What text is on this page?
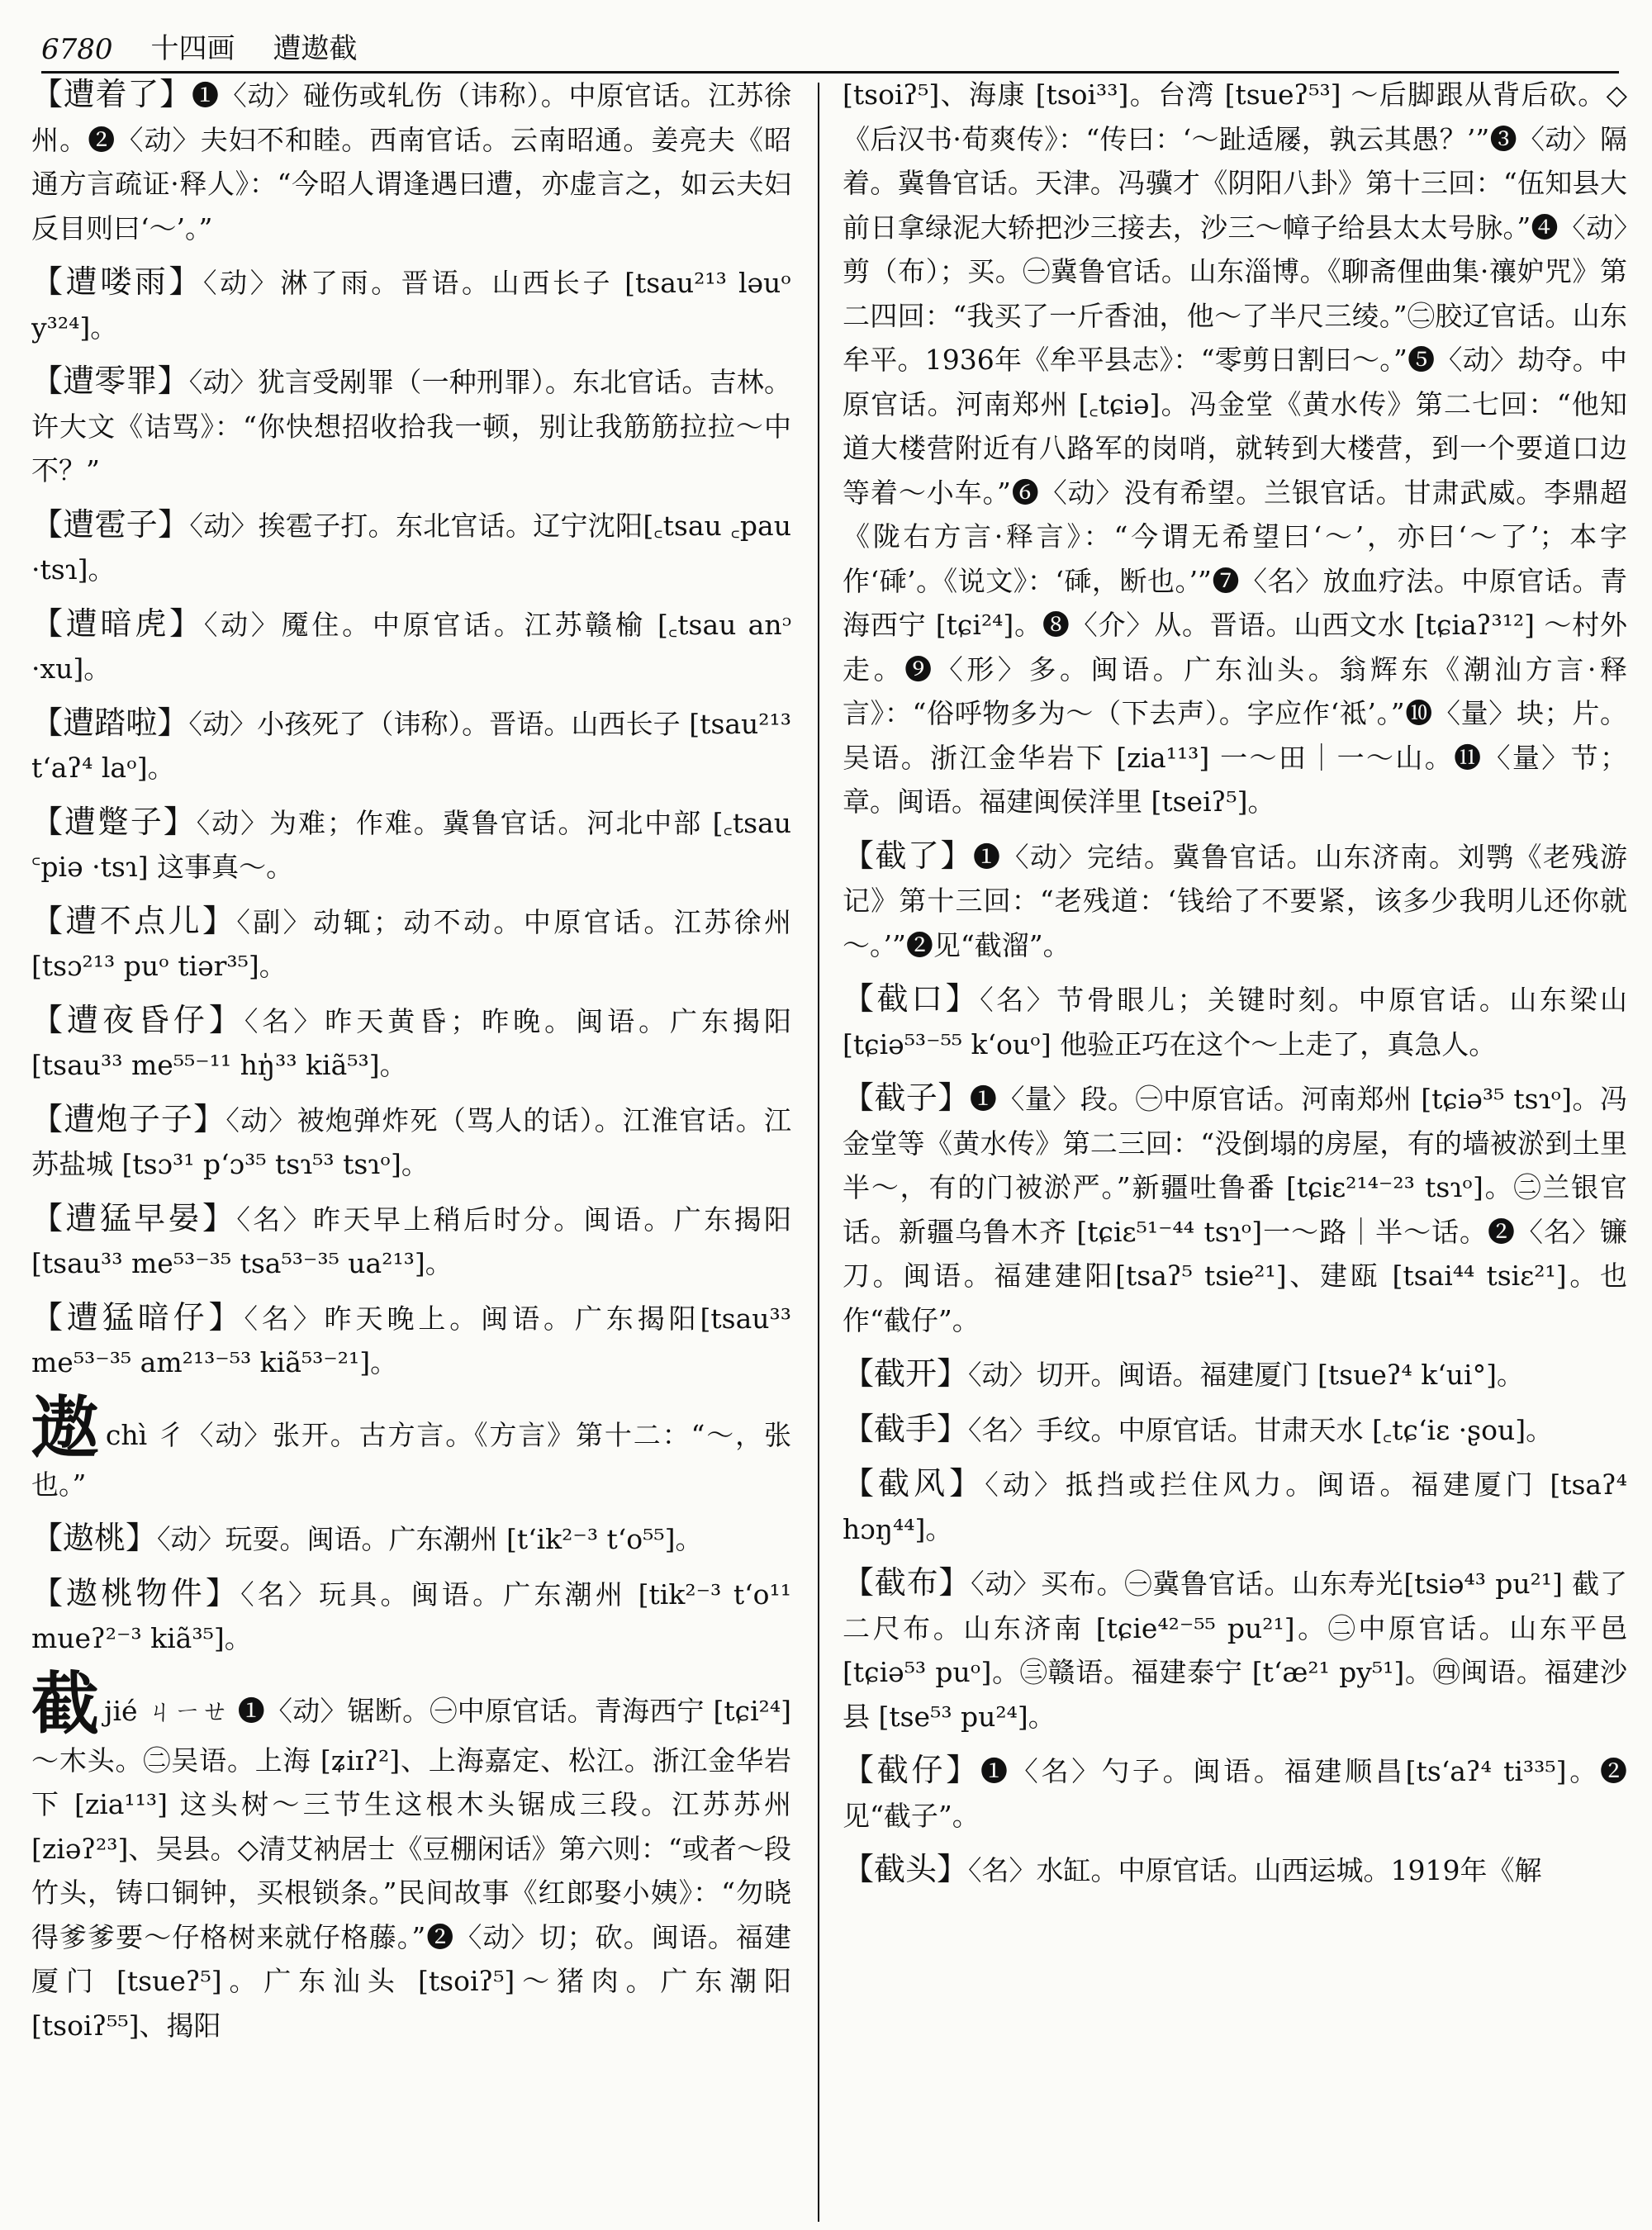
6780 十四画 遭遨截
【遭着了】❶〈动〉碰伤或轧伤（讳称）。中原官话。江苏徐州。❷〈动〉夫妇不和睦。西南官话。云南昭通。姜亮夫《昭通方言疏证·释人》：“今昭人谓逢遇曰遭，亦虚言之，如云夫妇反目则曰‘～’。”
【遭喽雨】〈动〉淋了雨。晋语。山西长子 [tsau²¹³ ləuᵒ y³²⁴]。
【遭零罪】〈动〉犹言受剐罪（一种刑罪）。东北官话。吉林。许大文《诘骂》：“你快想招收拾我一顿，别让我筋筋拉拉～中不？”
【遭雹子】〈动〉挨雹子打。东北官话。辽宁沈阳[꜀tsau ꜀pau ·tsɿ]。
【遭暗虎】〈动〉魇住。中原官话。江苏赣榆 [꜀tsau anᵓ ·xu]。
【遭踏啦】〈动〉小孩死了（讳称）。晋语。山西长子 [tsau²¹³ t‘aʔ⁴ laᵒ]。
【遭蹩子】〈动〉为难；作难。冀鲁官话。河北中部 [꜀tsau ꜂piə ·tsɿ] 这事真～。
【遭不点儿】〈副〉动辄；动不动。中原官话。江苏徐州 [tsɔ²¹³ puᵒ tiər³⁵]。
【遭夜昏仔】〈名〉昨天黄昏；昨晚。闽语。广东揭阳 [tsau³³ me⁵⁵⁻¹¹ hŋ̍³³ kiã⁵³]。
【遭炮子子】〈动〉被炮弹炸死（骂人的话）。江淮官话。江苏盐城 [tsɔ³¹ p‘ɔ³⁵ tsɿ⁵³ tsɿᵒ]。
【遭猛早晏】〈名〉昨天早上稍后时分。闽语。广东揭阳 [tsau³³ me⁵³⁻³⁵ tsa⁵³⁻³⁵ ua²¹³]。
【遭猛暗仔】〈名〉昨天晚上。闽语。广东揭阳[tsau³³ me⁵³⁻³⁵ am²¹³⁻⁵³ kiã⁵³⁻²¹]。
遨chì 彳〈动〉张开。古方言。《方言》第十二：“～，张也。”
【遨桃】〈动〉玩耍。闽语。广东潮州 [t‘ik²⁻³ t‘o⁵⁵]。
【遨桃物件】〈名〉玩具。闽语。广东潮州 [tik²⁻³ t‘o¹¹ mueʔ²⁻³ kiã³⁵]。
截jié ㄐㄧㄝ ❶〈动〉锯断。㊀中原官话。青海西宁 [tɕi²⁴] ～木头。㊁吴语。上海 [ʑiɪʔ²]、上海嘉定、松江。浙江金华岩下 [zia¹¹³] 这头树～三节生这根木头锯成三段。江苏苏州[ziəʔ²³]、吴县。◇清艾衲居士《豆棚闲话》第六则：“或者～段竹头，铸口铜钟，买根锁条。”民间故事《红郎娶小姨》：“勿晓得爹爹要～仔格树来就仔格藤。”❷〈动〉切；砍。闽语。福建厦门 [tsueʔ⁵]。广东汕头 [tsoiʔ⁵]～猪肉。广东潮阳[tsoiʔ⁵⁵]、揭阳
[tsoiʔ⁵]、海康 [tsoi³³]。台湾 [tsueʔ⁵³] ～后脚跟从背后砍。◇《后汉书·荀爽传》：“传曰：‘～趾适屦，孰云其愚？’”❸〈动〉隔着。冀鲁官话。天津。冯骥才《阴阳八卦》第十三回：“伍知县大前日拿绿泥大轿把沙三接去，沙三～幛子给县太太号脉。”❹〈动〉剪（布）；买。㊀冀鲁官话。山东淄博。《聊斋俚曲集·禳妒咒》第二四回：“我买了一斤香油，他～了半尺三绫。”㊁胶辽官话。山东牟平。1936年《牟平县志》：“零剪日割曰～。”❺〈动〉劫夺。中原官话。河南郑州 [꜀tɕiə]。冯金堂《黄水传》第二七回：“他知道大楼营附近有八路军的岗哨，就转到大楼营，到一个要道口边等着～小车。”❻〈动〉没有希望。兰银官话。甘肃武威。李鼎超《陇右方言·释言》：“今谓无希望曰‘～’，亦曰‘～了’；本字作‘䂷’。《说文》：‘䂷，断也。’”❼〈名〉放血疗法。中原官话。青海西宁 [tɕi²⁴]。❽〈介〉从。晋语。山西文水 [tɕiaʔ³¹²] ～村外走。❾〈形〉多。闽语。广东汕头。翁辉东《潮汕方言·释言》：“俗呼物多为～（下去声）。字应作‘祗’。”❿〈量〉块；片。吴语。浙江金华岩下 [zia¹¹³] 一～田｜一～山。⓫〈量〉节；章。闽语。福建闽侯洋里 [tseiʔ⁵]。
【截了】❶〈动〉完结。冀鲁官话。山东济南。刘鹗《老残游记》第十三回：“老残道：‘钱给了不要紧，该多少我明儿还你就～。’”❷见“截溜”。
【截口】〈名〉节骨眼儿；关键时刻。中原官话。山东梁山 [tɕiə⁵³⁻⁵⁵ k‘ouᵒ] 他验正巧在这个～上走了，真急人。
【截子】❶〈量〉段。㊀中原官话。河南郑州 [tɕiə³⁵ tsɿᵒ]。冯金堂等《黄水传》第二三回：“没倒塌的房屋，有的墙被淤到土里半～，有的门被淤严。”新疆吐鲁番 [tɕiɛ²¹⁴⁻²³ tsɿᵒ]。㊁兰银官话。新疆乌鲁木齐 [tɕiɛ⁵¹⁻⁴⁴ tsɿᵒ]一～路｜半～话。❷〈名〉镰刀。闽语。福建建阳[tsaʔ⁵ tsie²¹]、建瓯 [tsai⁴⁴ tsiɛ²¹]。也作“截仔”。
【截开】〈动〉切开。闽语。福建厦门 [tsueʔ⁴ k‘ui°]。
【截手】〈名〉手纹。中原官话。甘肃天水 [꜀tɕ‘iɛ ·ʂou]。
【截风】〈动〉抵挡或拦住风力。闽语。福建厦门 [tsaʔ⁴ hɔŋ⁴⁴]。
【截布】〈动〉买布。㊀冀鲁官话。山东寿光[tsiə⁴³ pu²¹] 截了二尺布。山东济南 [tɕie⁴²⁻⁵⁵ pu²¹]。㊁中原官话。山东平邑 [tɕiə⁵³ puᵒ]。㊂赣语。福建泰宁 [t‘æ²¹ py⁵¹]。㊃闽语。福建沙县 [tse⁵³ pu²⁴]。
【截仔】❶〈名〉勺子。闽语。福建顺昌[ts‘aʔ⁴ ti³³⁵]。❷见“截子”。
【截头】〈名〉水缸。中原官话。山西运城。1919年《解
